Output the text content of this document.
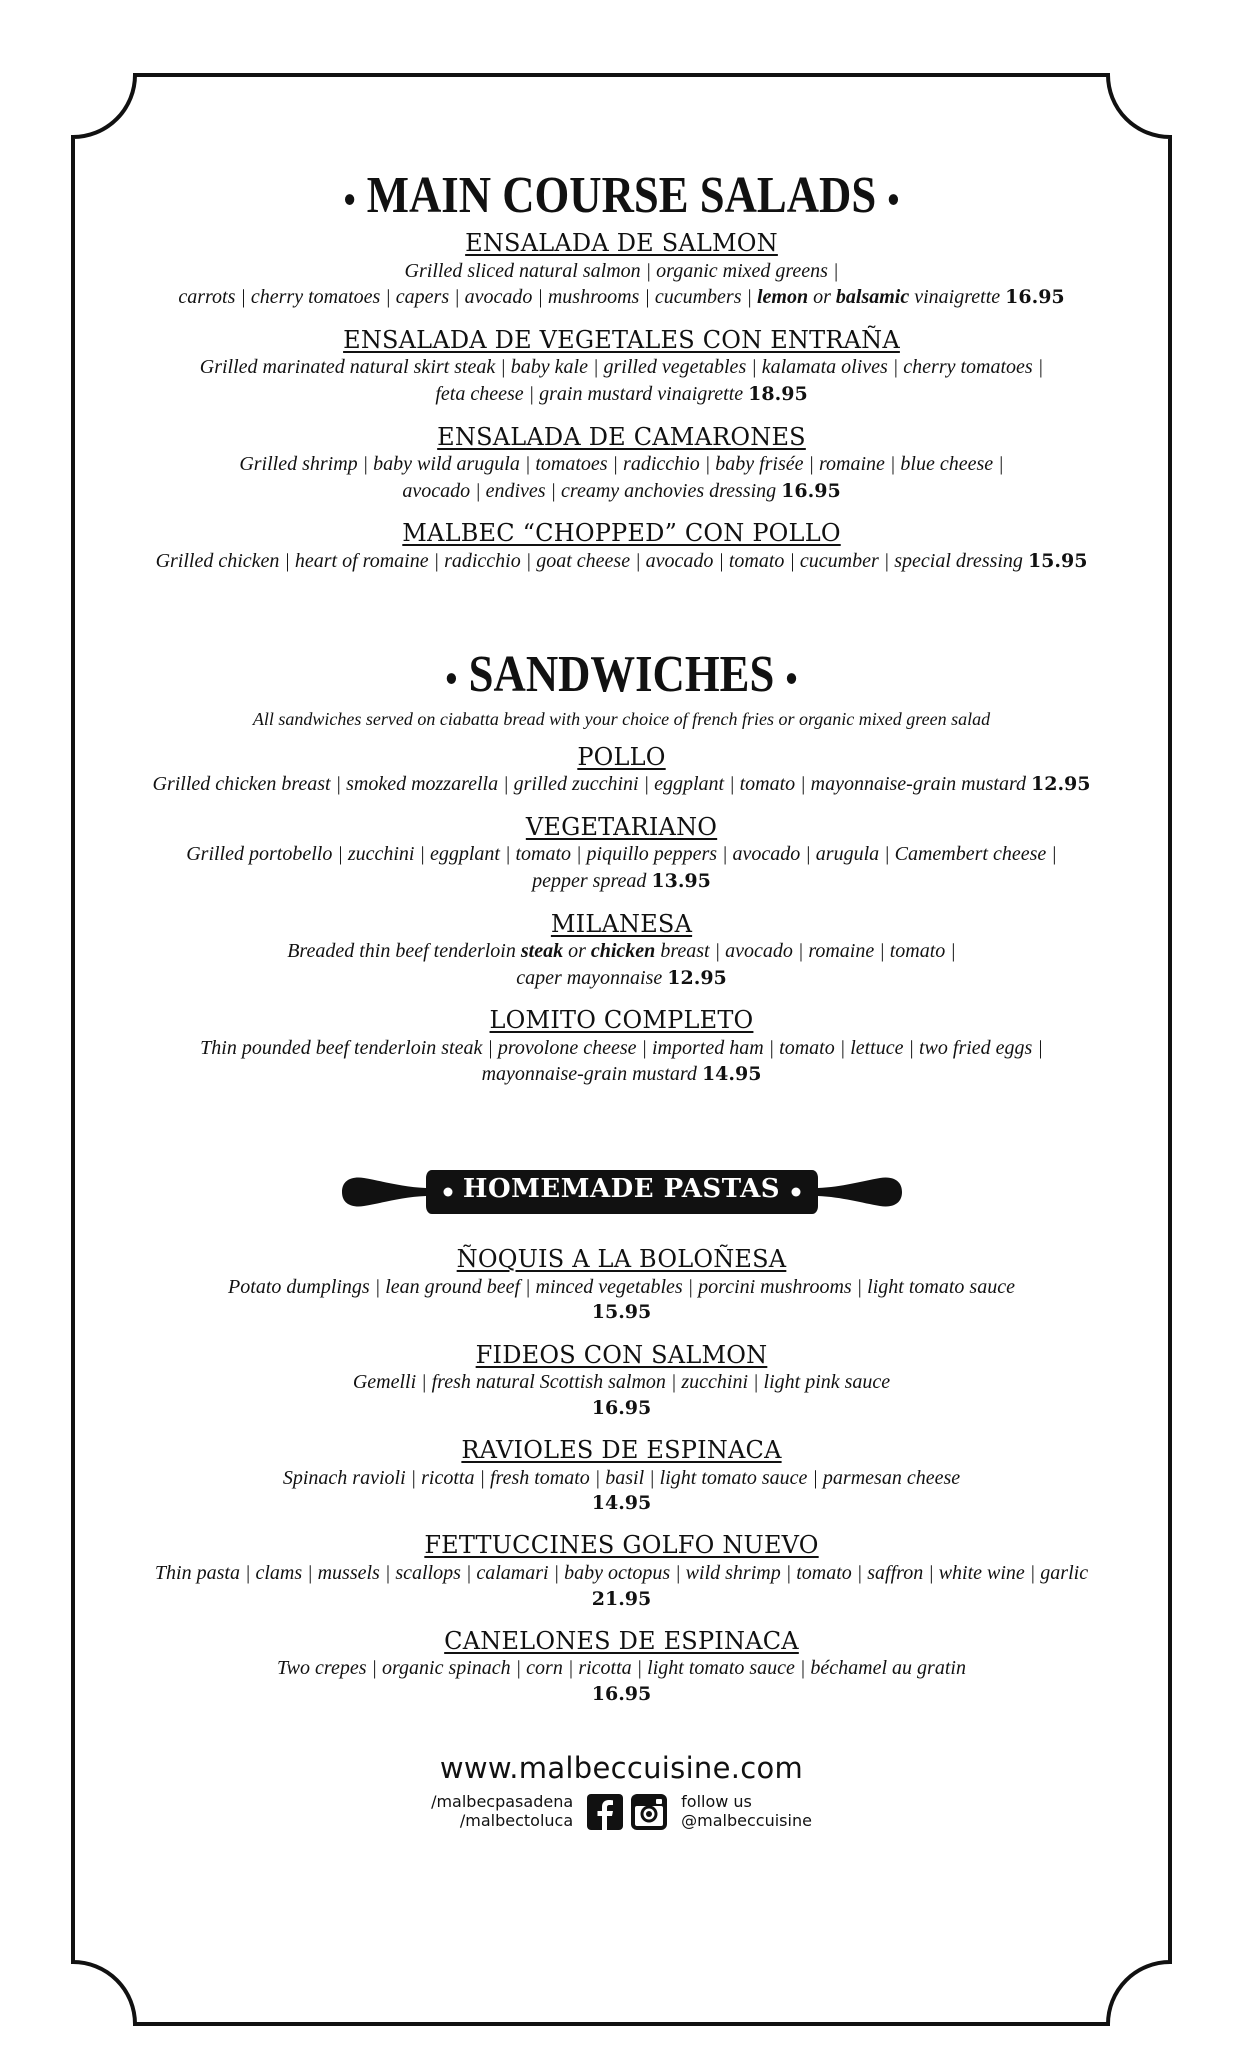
• MAIN COURSE SALADS •
ENSALADA DE SALMON
Grilled sliced natural salmon | organic mixed greens |
carrots | cherry tomatoes | capers | avocado | mushrooms | cucumbers | lemon or balsamic vinaigrette 16.95
ENSALADA DE VEGETALES CON ENTRAÑA
Grilled marinated natural skirt steak | baby kale | grilled vegetables | kalamata olives | cherry tomatoes |
feta cheese | grain mustard vinaigrette 18.95
ENSALADA DE CAMARONES
Grilled shrimp | baby wild arugula | tomatoes | radicchio | baby frisée | romaine | blue cheese |
avocado | endives | creamy anchovies dressing 16.95
MALBEC “CHOPPED” CON POLLO
Grilled chicken | heart of romaine | radicchio | goat cheese | avocado | tomato | cucumber | special dressing 15.95
• SANDWICHES •
All sandwiches served on ciabatta bread with your choice of french fries or organic mixed green salad
POLLO
Grilled chicken breast | smoked mozzarella | grilled zucchini | eggplant | tomato | mayonnaise-grain mustard 12.95
VEGETARIANO
Grilled portobello | zucchini | eggplant | tomato | piquillo peppers | avocado | arugula | Camembert cheese |
pepper spread 13.95
MILANESA
Breaded thin beef tenderloin steak or chicken breast | avocado | romaine | tomato |
caper mayonnaise 12.95
LOMITO COMPLETO
Thin pounded beef tenderloin steak | provolone cheese | imported ham | tomato | lettuce | two fried eggs |
mayonnaise-grain mustard 14.95
HOMEMADE PASTAS
ÑOQUIS A LA BOLOÑESA
Potato dumplings | lean ground beef | minced vegetables | porcini mushrooms | light tomato sauce
15.95
FIDEOS CON SALMON
Gemelli | fresh natural Scottish salmon | zucchini | light pink sauce
16.95
RAVIOLES DE ESPINACA
Spinach ravioli | ricotta | fresh tomato | basil | light tomato sauce | parmesan cheese
14.95
FETTUCCINES GOLFO NUEVO
Thin pasta | clams | mussels | scallops | calamari | baby octopus | wild shrimp | tomato | saffron | white wine | garlic
21.95
CANELONES DE ESPINACA
Two crepes | organic spinach | corn | ricotta | light tomato sauce | béchamel au gratin
16.95
www.malbeccuisine.com
/malbecpasadena
/malbectoluca
follow us
@malbeccuisine
